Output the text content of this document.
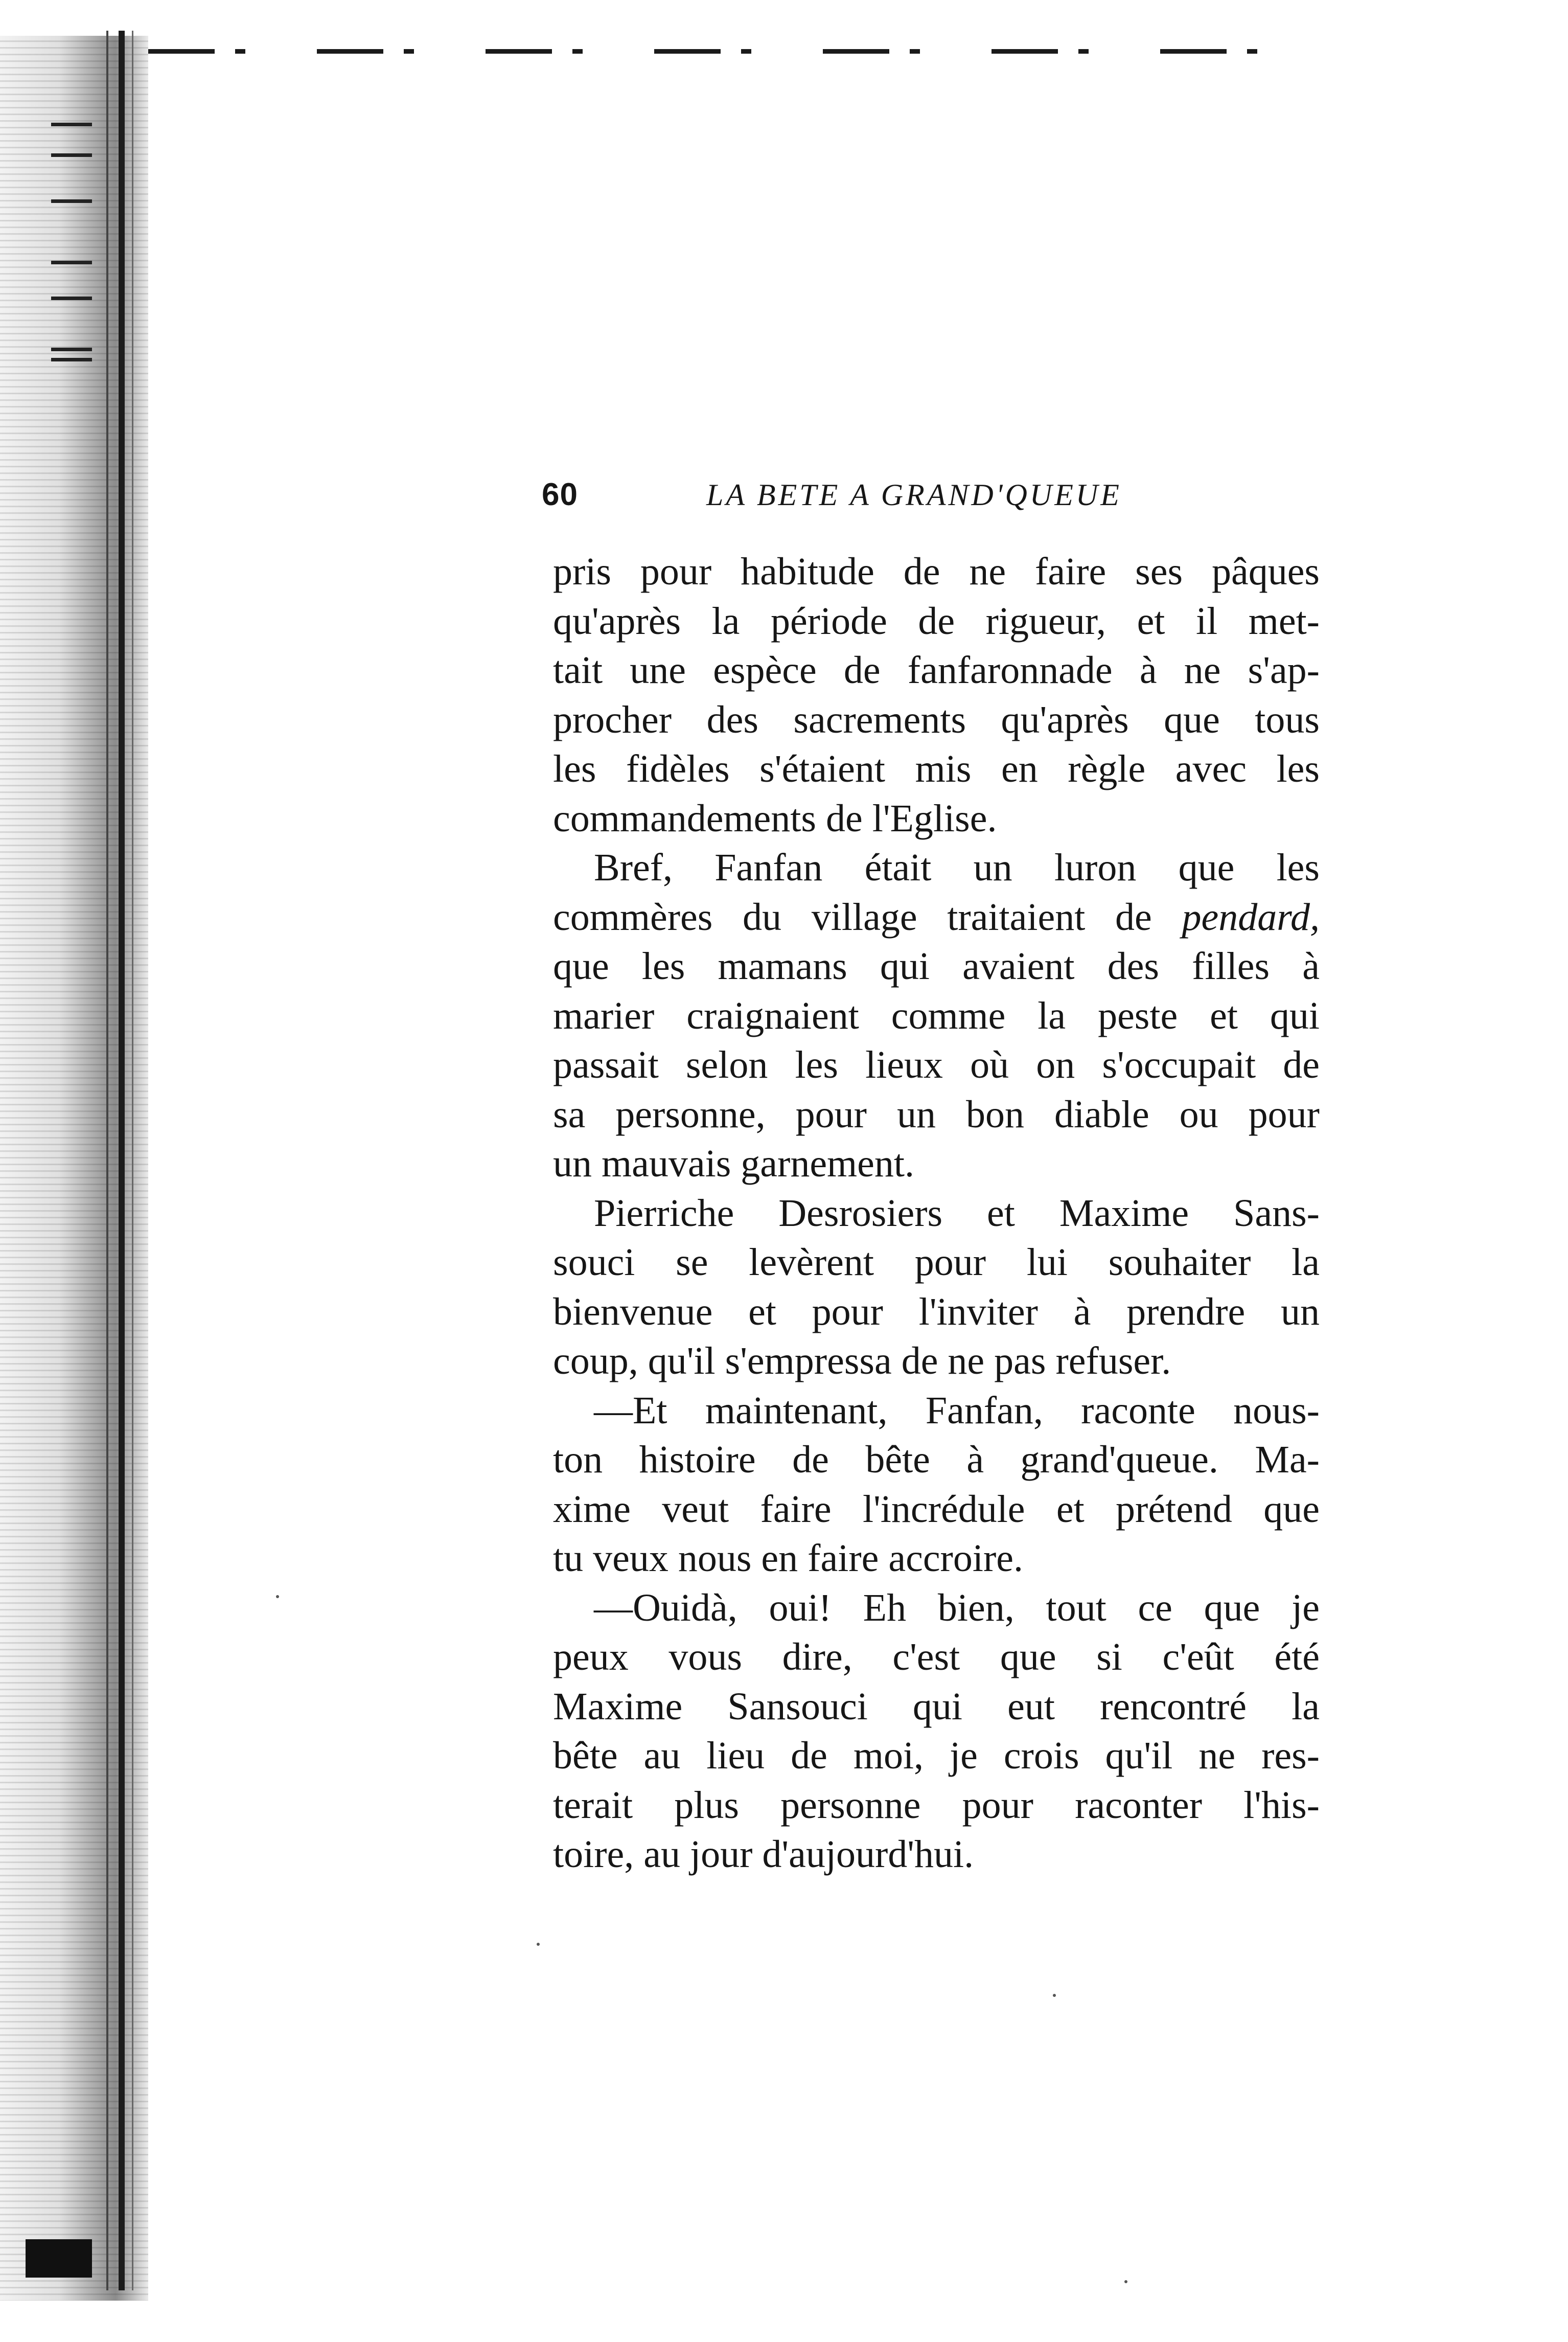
60	LA BETE A GRAND'QUEUE
pris pour habitude de ne faire ses pâques
qu'après la période de rigueur, et il met-
tait une espèce de fanfaronnade à ne s'ap-
procher des sacrements qu'après que tous
les fidèles s'étaient mis en règle avec les
commandements de l'Eglise.
Bref, Fanfan était un luron que les
commères du village traitaient de pendard,
que les mamans qui avaient des filles à
marier craignaient comme la peste et qui
passait selon les lieux où on s'occupait de
sa personne, pour un bon diable ou pour
un mauvais garnement.
Pierriche Desrosiers et Maxime Sans-
souci se levèrent pour lui souhaiter la
bienvenue et pour l'inviter à prendre un
coup, qu'il s'empressa de ne pas refuser.
—Et maintenant, Fanfan, raconte nous-
ton histoire de bête à grand'queue. Ma-
xime veut faire l'incrédule et prétend que
tu veux nous en faire accroire.
—Ouidà, oui! Eh bien, tout ce que je
peux vous dire, c'est que si c'eût été
Maxime Sansouci qui eut rencontré la
bête au lieu de moi, je crois qu'il ne res-
terait plus personne pour raconter l'his-
toire, au jour d'aujourd'hui.
